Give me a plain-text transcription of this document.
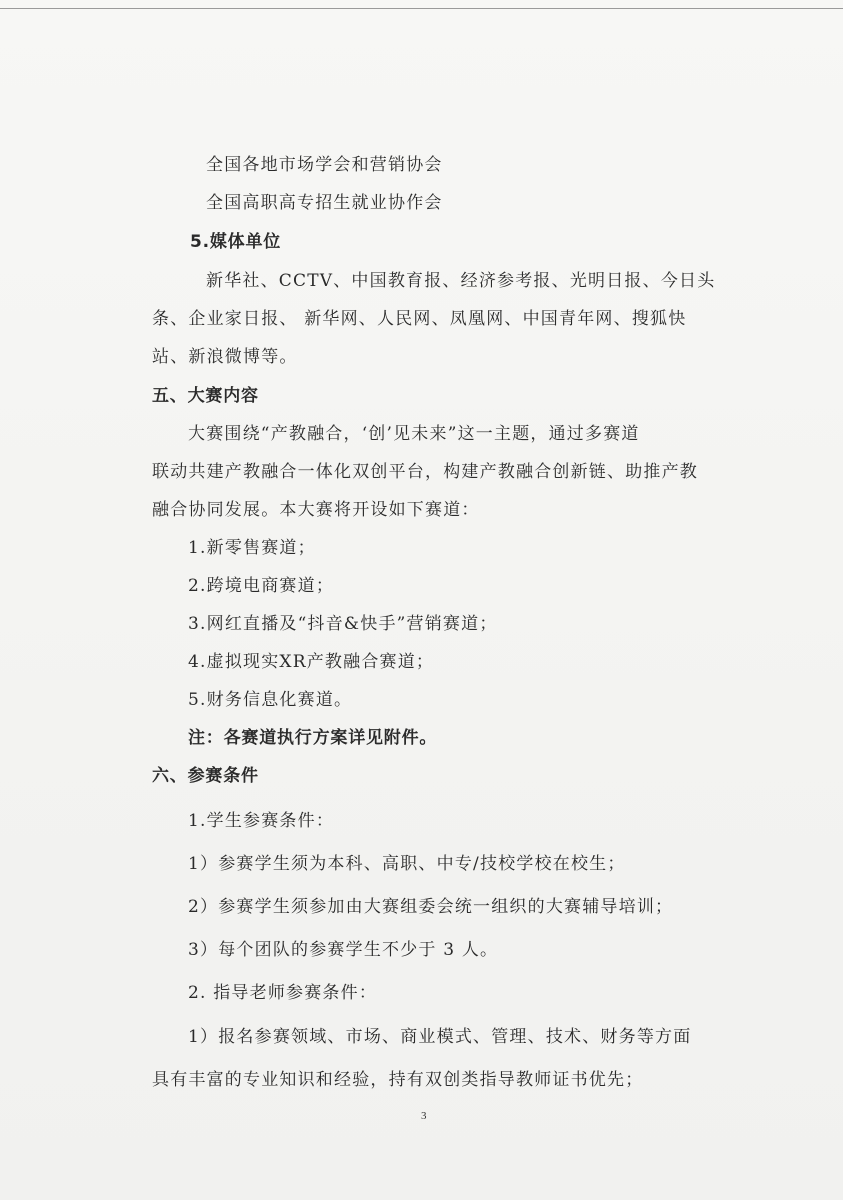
全国各地市场学会和营销协会
全国高职高专招生就业协作会
5.媒体单位
新华社、CCTV、中国教育报、经济参考报、光明日报、今日头
条、企业家日报、 新华网、人民网、凤凰网、中国青年网、搜狐快
站、新浪微博等。
五、大赛内容
大赛围绕“产教融合，‘创’见未来”这一主题，通过多赛道
联动共建产教融合一体化双创平台，构建产教融合创新链、助推产教
融合协同发展。本大赛将开设如下赛道：
1.新零售赛道；
2.跨境电商赛道；
3.网红直播及“抖音&快手”营销赛道；
4.虚拟现实XR产教融合赛道；
5.财务信息化赛道。
注：各赛道执行方案详见附件。
六、参赛条件
1.学生参赛条件：
1）参赛学生须为本科、高职、中专/技校学校在校生；
2）参赛学生须参加由大赛组委会统一组织的大赛辅导培训；
3）每个团队的参赛学生不少于 3 人。
2. 指导老师参赛条件：
1）报名参赛领域、市场、商业模式、管理、技术、财务等方面
具有丰富的专业知识和经验，持有双创类指导教师证书优先；
3
